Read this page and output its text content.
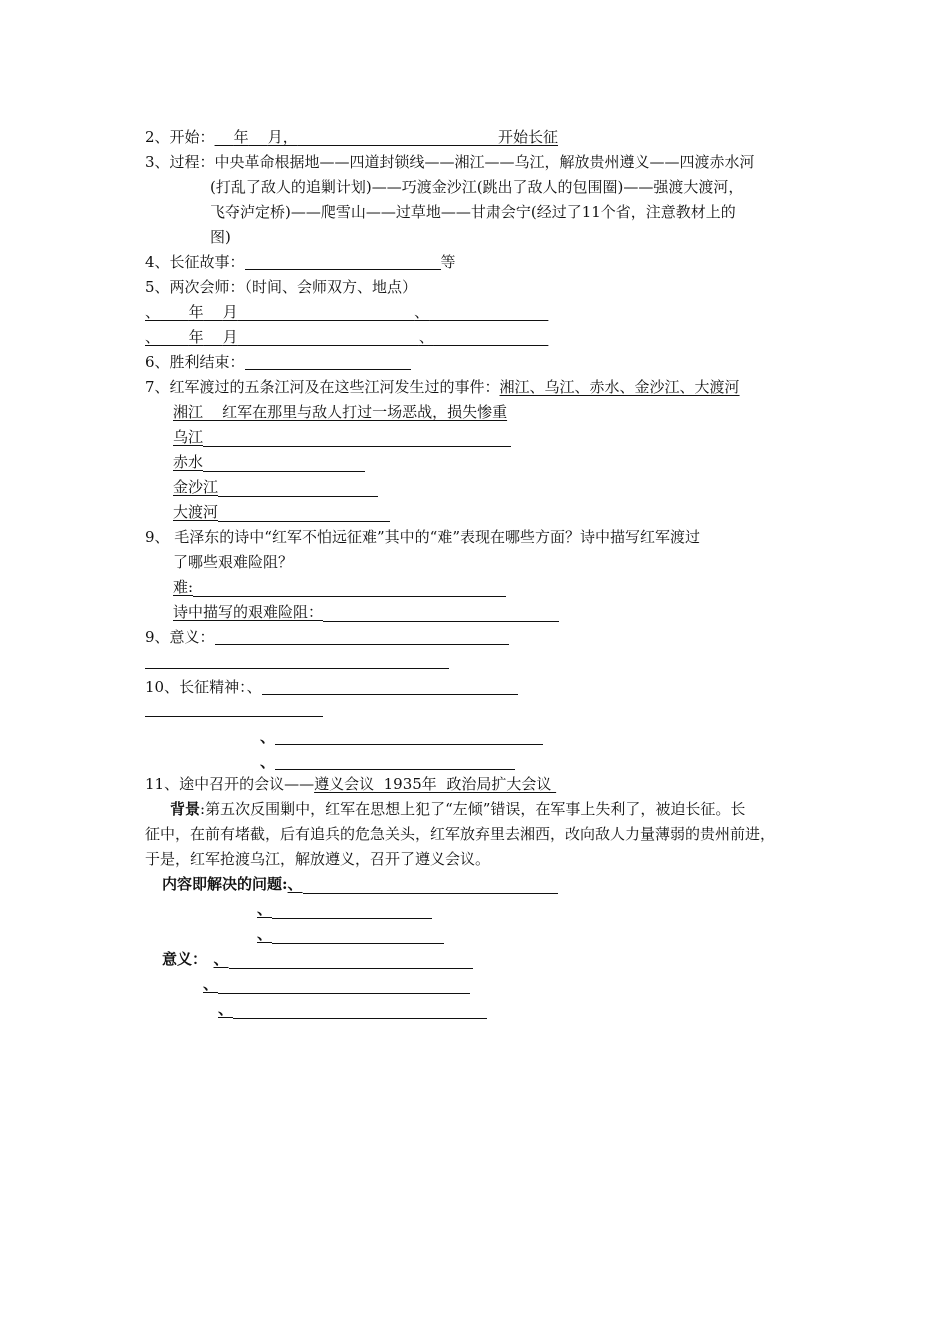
2、开始： 年 月，	开始长征
3、过程：中央革命根据地——四道封锁线——湘江——乌江，解放贵州遵义——四渡赤水河
(打乱了敌人的追剿计划)——巧渡金沙江(跳出了敌人的包围圈)——强渡大渡河，
飞夺泸定桥)——爬雪山——过草地——甘肃会宁(经过了11个省，注意教材上的
图)
4、长征故事：	等
5、两次会师：（时间、会师双方、地点）
、 年 月	、
、 年 月	、
6、胜利结束：
7、红军渡过的五条江河及在这些江河发生过的事件：湘江、乌江、赤水、金沙江、大渡河
湘江    红军在那里与敌人打过一场恶战，损失惨重
乌江
赤水
金沙江
大渡河
9、 毛泽东的诗中“红军不怕远征难”其中的“难”表现在哪些方面？诗中描写红军渡过
了哪些艰难险阻？
难:
诗中描写的艰难险阻：
9、意义：
10、长征精神：、
、
、
11、途中召开的会议——遵义会议  1935年  政治局扩大会议
背景:第五次反围剿中，红军在思想上犯了“左倾”错误，在军事上失利了，被迫长征。长
征中，在前有堵截，后有追兵的危急关头，红军放弃里去湘西，改向敌人力量薄弱的贵州前进，
于是，红军抢渡乌江，解放遵义，召开了遵义会议。
内容即解决的问题:、
、
、
意义： 、
、
、
